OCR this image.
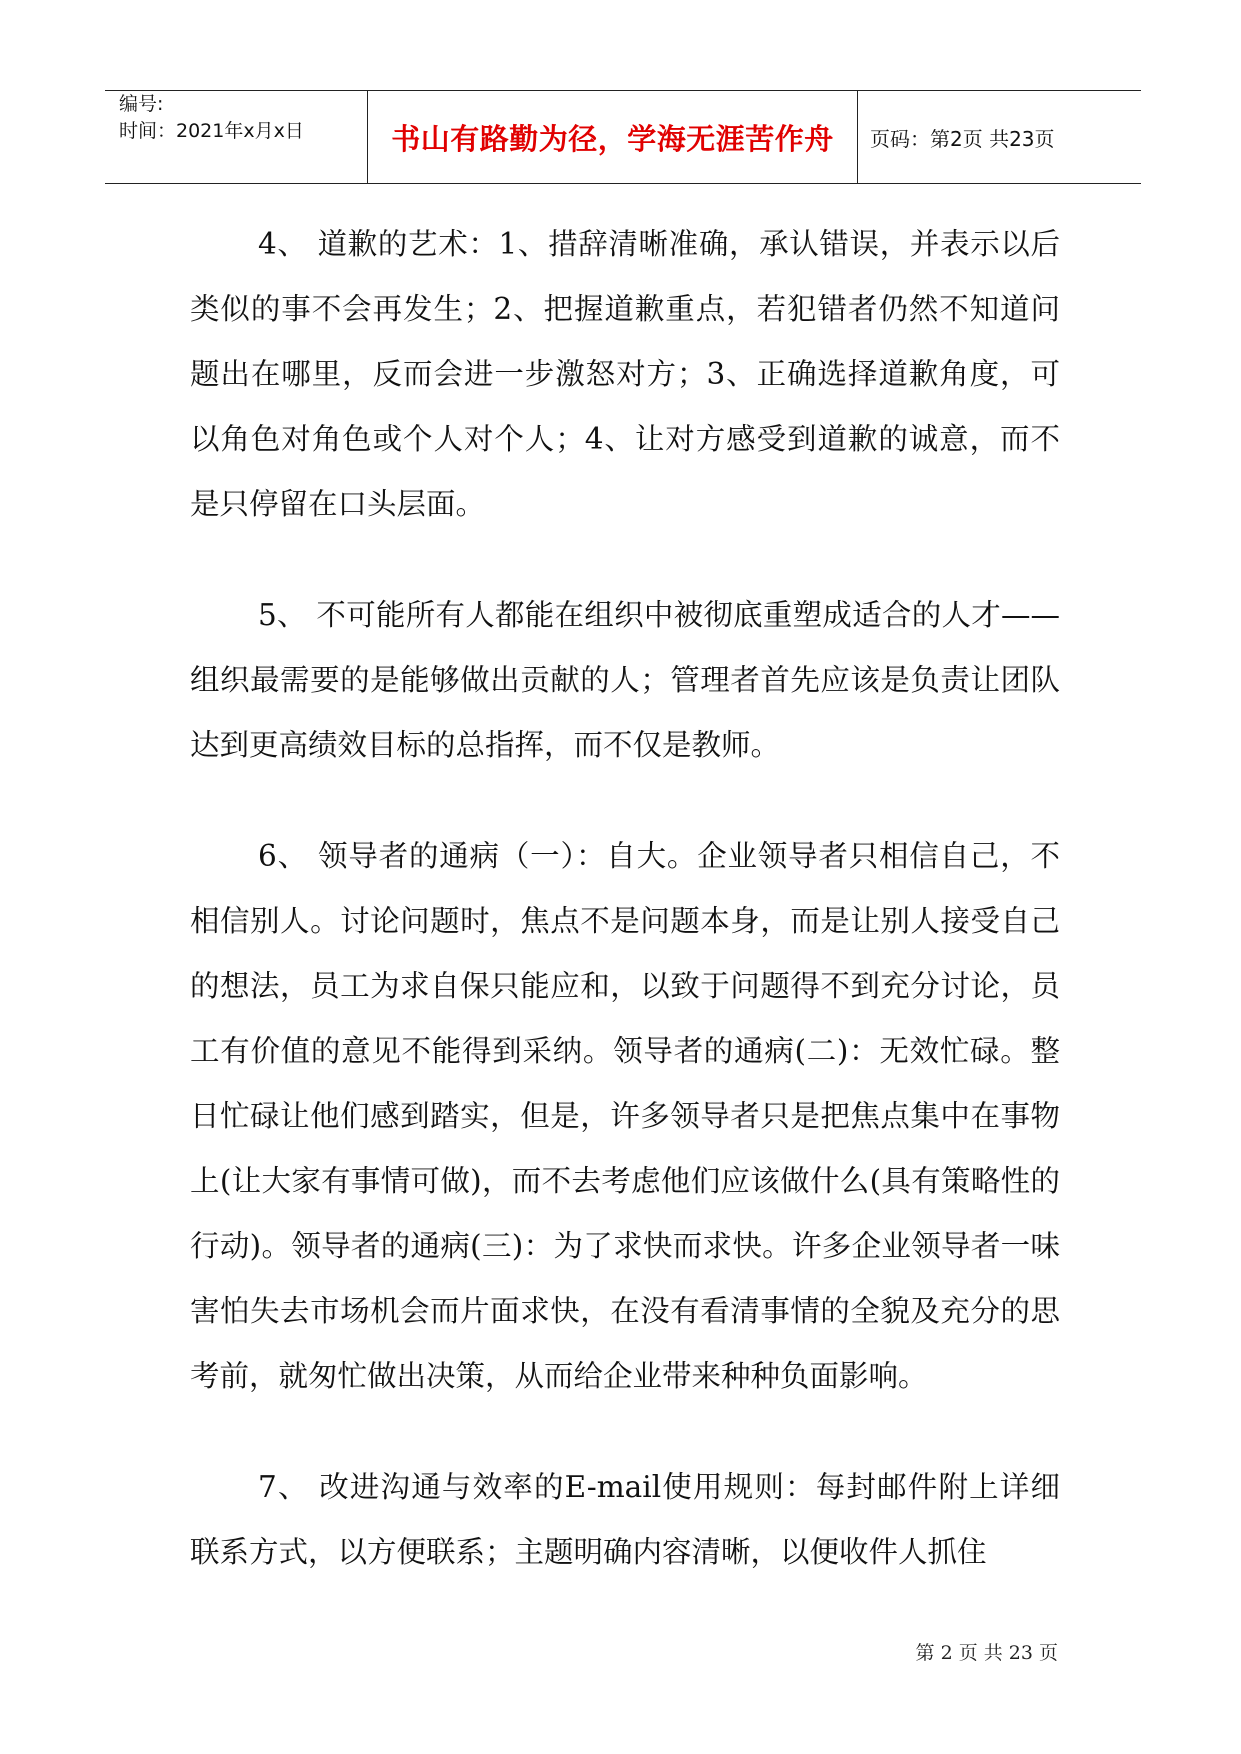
编号:
时间：2021年x月x日	书山有路勤为径，学海无涯苦作舟 页码：第2页 共23页

4、 道歉的艺术：1、措辞清晰准确，承认错误，并表示以后类似的事不会再发生；2、把握道歉重点，若犯错者仍然不知道问题出在哪里，反而会进一步激怒对方；3、正确选择道歉角度，可以角色对角色或个人对个人；4、让对方感受到道歉的诚意，而不是只停留在口头层面。

5、 不可能所有人都能在组织中被彻底重塑成适合的人才——组织最需要的是能够做出贡献的人；管理者首先应该是负责让团队达到更高绩效目标的总指挥，而不仅是教师。

6、 领导者的通病（一）：自大。企业领导者只相信自己，不相信别人。讨论问题时，焦点不是问题本身，而是让别人接受自己的想法，员工为求自保只能应和，以致于问题得不到充分讨论，员工有价值的意见不能得到采纳。领导者的通病(二)：无效忙碌。整日忙碌让他们感到踏实，但是，许多领导者只是把焦点集中在事物上(让大家有事情可做)，而不去考虑他们应该做什么(具有策略性的行动)。领导者的通病(三)：为了求快而求快。许多企业领导者一味害怕失去市场机会而片面求快，在没有看清事情的全貌及充分的思考前，就匆忙做出决策，从而给企业带来种种负面影响。

7、 改进沟通与效率的E-mail使用规则：每封邮件附上详细联系方式，以方便联系；主题明确内容清晰，以便收件人抓住

第 2 页 共 23 页
